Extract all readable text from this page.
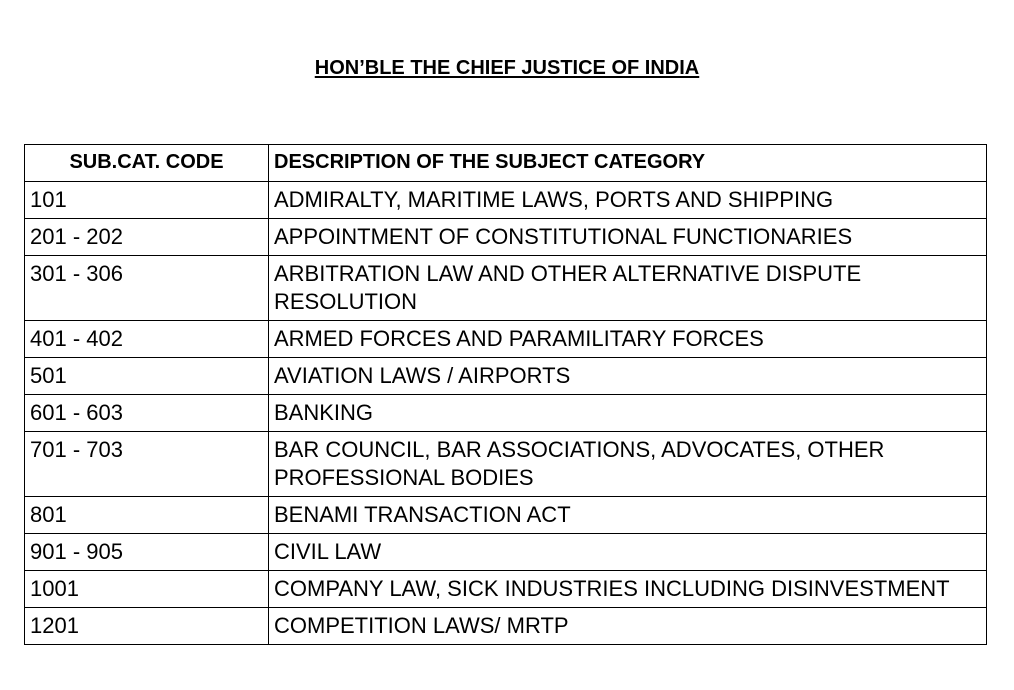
HON’BLE THE CHIEF JUSTICE OF INDIA
SUB.CAT. CODE	DESCRIPTION OF THE SUBJECT CATEGORY
101	ADMIRALTY, MARITIME LAWS, PORTS AND SHIPPING
201 - 202	APPOINTMENT OF CONSTITUTIONAL FUNCTIONARIES
301 - 306	ARBITRATION LAW AND OTHER ALTERNATIVE DISPUTE RESOLUTION
401 - 402	ARMED FORCES AND PARAMILITARY FORCES
501	AVIATION LAWS / AIRPORTS
601 - 603	BANKING
701 - 703	BAR COUNCIL, BAR ASSOCIATIONS, ADVOCATES, OTHER PROFESSIONAL BODIES
801	BENAMI TRANSACTION ACT
901 - 905	CIVIL LAW
1001	COMPANY LAW, SICK INDUSTRIES INCLUDING DISINVESTMENT
1201	COMPETITION LAWS/ MRTP
